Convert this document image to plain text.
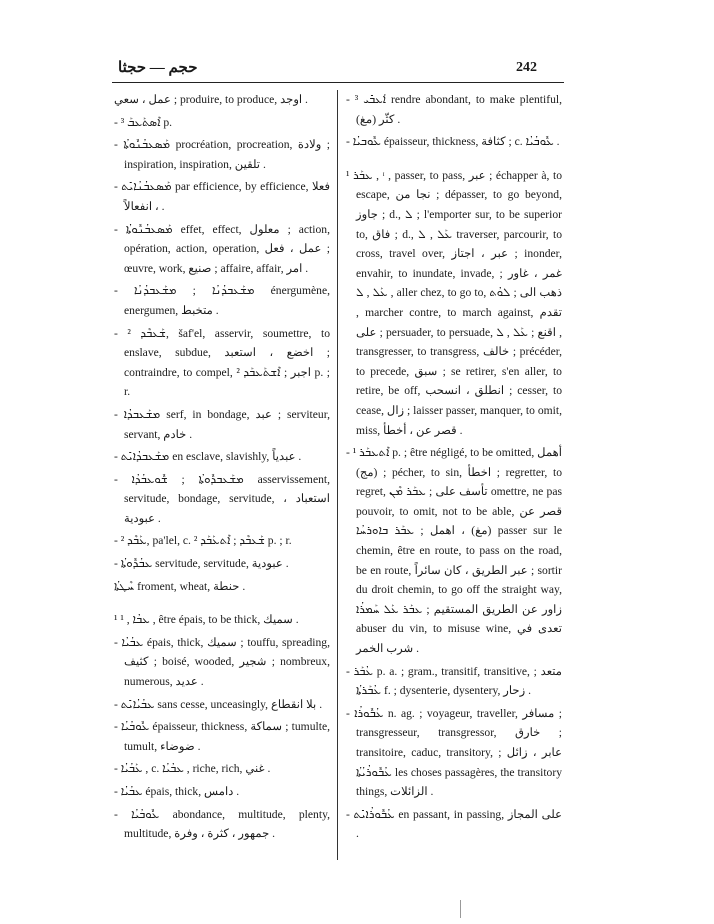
حجم — حجثا	242

عمل ، سعي ; produire, to produce, اوجد .

- ܐܶܣܬܰܥܒܰ ³ p.

- ܡܰܣܥܒܳܢܽܘܬܳܐ procréation, procreation, ولادة ; inspiration, inspiration, تلقين .

- ܡܰܣܥܒܳܢܳܐܝܺܬ par efficience, by efficience, فعلا ، انفعالاً .

- ܡܰܣܥܒܳܢܽܘܬܳܐ effet, effect, معلول ; action, opération, action, operation, عمل ، فعل ; œuvre, work, صنيع ; affaire, affair, امر .

- ܡܫܰܥܒܕܳܢܳܐ ; ܡܫܰܥܒܕܳܢܳܐ énergumène, energumen, متخبط .

- ܫܰܥܒܶܕ ², šaf'el, asservir, soumettre, to enslave, subdue, اخضع ، استعبد ; contraindre, to compel, اجبر ; ܐܶܫܬܰܥܒܰܕ ² p. ; r.

- ܡܫܰܥܒܕܳܐ serf, in bondage, عبد ; serviteur, servant, خادم .

- ܡܫܰܥܒܕܳܐܝܺܬ en esclave, slavishly, عبدياً .

- ܡܫܰܥܒܕܽܘܬܳܐ ; ܫܽܘܥܒܳܕܳܐ asservissement, servitude, bondage, servitude, استعباد ، عبودية .

- ܥܰܒܶܕ ², pa'lel, c. ܫܰܥܒܶܕ ; ܐܶܬܥܰܒܰܕ ² p. ; r.

- ܥܒܳܕܽܘܬܳܐ servitude, servitude, عبودية .

ܚܶܛܬܳܐ froment, wheat, حنطة .

¹ ܥܒܳܐ , ¹ , être épais, to be thick, سميك .

- ܥܒܳܝܳܐ épais, thick, سميك ; touffu, spreading, كثيف ; boisé, wooded, شجير ; nombreux, numerous, عديد .

- ܥܒܳܝܳܐܝܺܬ sans cesse, unceasingly, بلا انقطاع .

- ܥܽܘܒܳܝܳܐ épaisseur, thickness, سماكة ; tumulte, tumult, ضوضاء .

- ܥܰܒܳܝܳܐ , c. ܥܒܳܝܳܐ , riche, rich, غني .

- ܥܒܳܝܳܐ épais, thick, دامس .

- ܥܽܘܒܳܝܳܐ abondance, multitude, plenty, multitude, جمهور ، كثرة ، وفرة .

- ܐܰܥܒܺܝ ³ rendre abondant, to make plentiful, كثّر (مغ) .

- ܥܽܘܒܝܳܐ épaisseur, thickness, كثافة ; c. ܥܽܘܒܳܝܳܐ .

¹ ܥܒܰܪ , ᶦ , passer, to pass, عبر ; échapper à, to escape, نجا من ; dépasser, to go beyond, جاوز ; d., ܠ ; l'emporter sur, to be superior to, فاق ; d., ܥܰܠ , ܠ traverser, parcourir, to cross, travel over, عبر ، اجتاز ; inonder, envahir, to inundate, invade, غمر ، غاور ; ܥܰܠ , ܠ , aller chez, to go to, ذهب الى ; ܠܘܳܬ , marcher contre, to march against, تقدم على ; persuader, to persuade, اقنع ; ܥܰܠ , ܠ , transgresser, to transgress, خالف ; précéder, to precede, سبق ; se retirer, s'en aller, to retire, be off, انطلق ، انسحب ; cesser, to cease, زال ; laisser passer, manquer, to omit, miss, قصر عن ، أخطأ .

- ܐܶܬܥܒܰܪ ¹ p. ; être négligé, to be omitted, أهمل (مج) ; pécher, to sin, اخطأ ; regretter, to regret, تأسف على ; ܥܒܰܪ ܡܶܢ omettre, ne pas pouvoir, to omit, not to be able, قصر عن (مغ) ، اهمل ; ܥܒܰܪ ܒܐܘܪܚܳܐ passer sur le chemin, être en route, to pass on the road, be en route, عبر الطريق ، كان سائراً ; sortir du droit chemin, to go off the straight way, زاور عن الطريق المستقيم ; ܥܒܰܪ ܥܰܠ ܚܰܡܪܳܐ abuser du vin, to misuse wine, تعدى في شرب الخمر .

- ܥܳܒܰܪ p. a. ; gram., transitif, transitive, متعد ; ܥܳܒܰܪܬܳܐ f. ; dysenterie, dysentery, زحار .

- ܥܳܒܽܘܪܳܐ n. ag. ; voyageur, traveller, مسافر ; transgresseur, transgressor, خارق ; transitoire, caduc, transitory, عابر ، زائل ; ܥܳܒܽܘܪܳܝܳܬܳܐ les choses passagères, the transitory things, الزائلات .

- ܥܳܒܽܘܪܳܐܝܺܬ en passant, in passing, على المجاز .
